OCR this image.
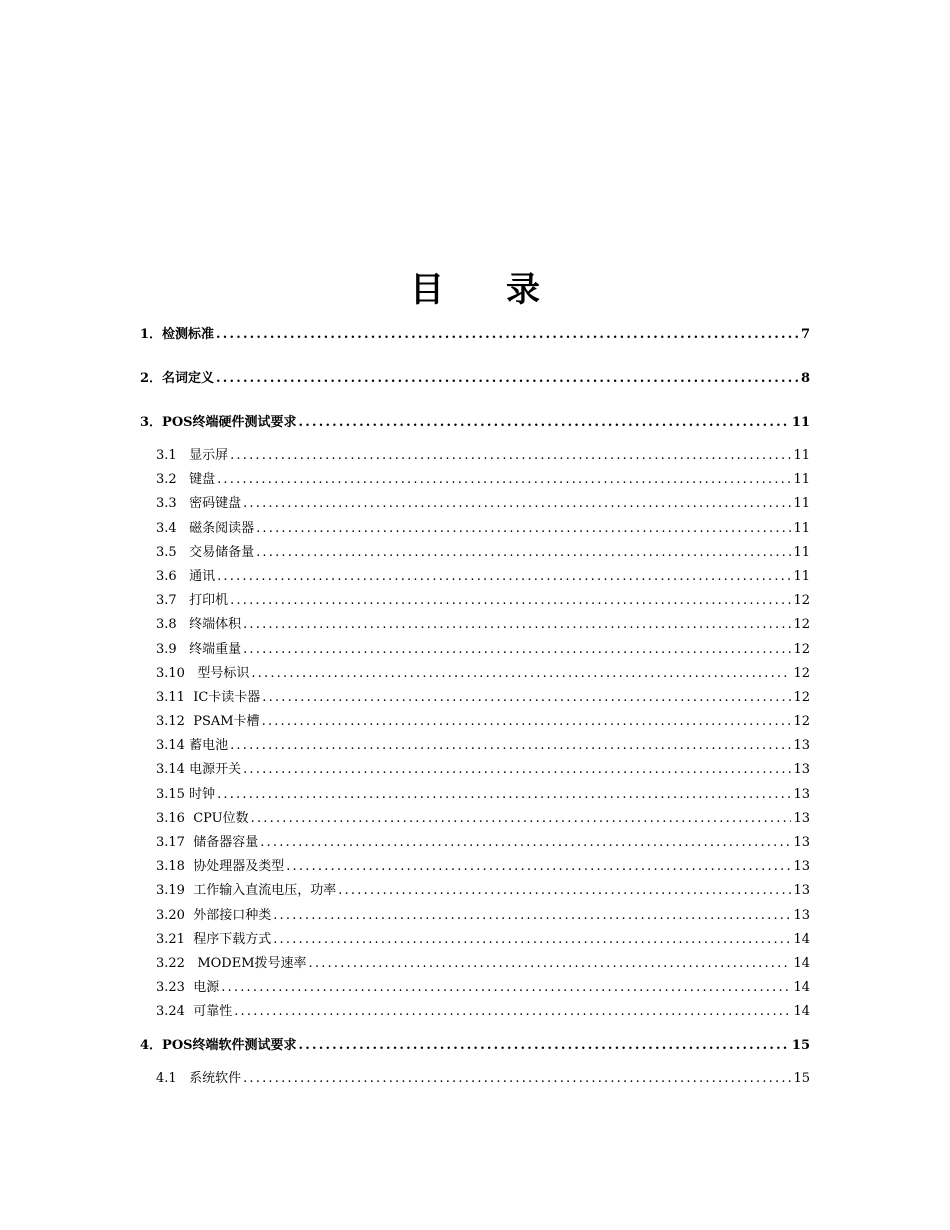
目 录
1．检测标准 .....	7
2．名词定义 .....	8
3．POS终端硬件测试要求 .....	11
3.1   显示屏 .....	11
3.2   键盘 .....	11
3.3   密码键盘 .....	11
3.4   磁条阅读器 .....	11
3.5   交易储备量 .....	11
3.6   通讯 .....	11
3.7   打印机 .....	12
3.8   终端体积 .....	12
3.9   终端重量 .....	12
3.10   型号标识 .....	12
3.11  IC卡读卡器 .....	12
3.12  PSAM卡槽 .....	12
3.14 蓄电池 .....	13
3.14 电源开关 .....	13
3.15 时钟 .....	13
3.16  CPU位数 .....	13
3.17  储备器容量 .....	13
3.18  协处理器及类型 .....	13
3.19  工作输入直流电压，功率 .....	13
3.20  外部接口种类 .....	13
3.21  程序下载方式 .....	14
3.22   MODEM拨号速率 .....	14
3.23  电源 .....	14
3.24  可靠性 .....	14
4．POS终端软件测试要求 .....	15
4.1   系统软件 .....	15
